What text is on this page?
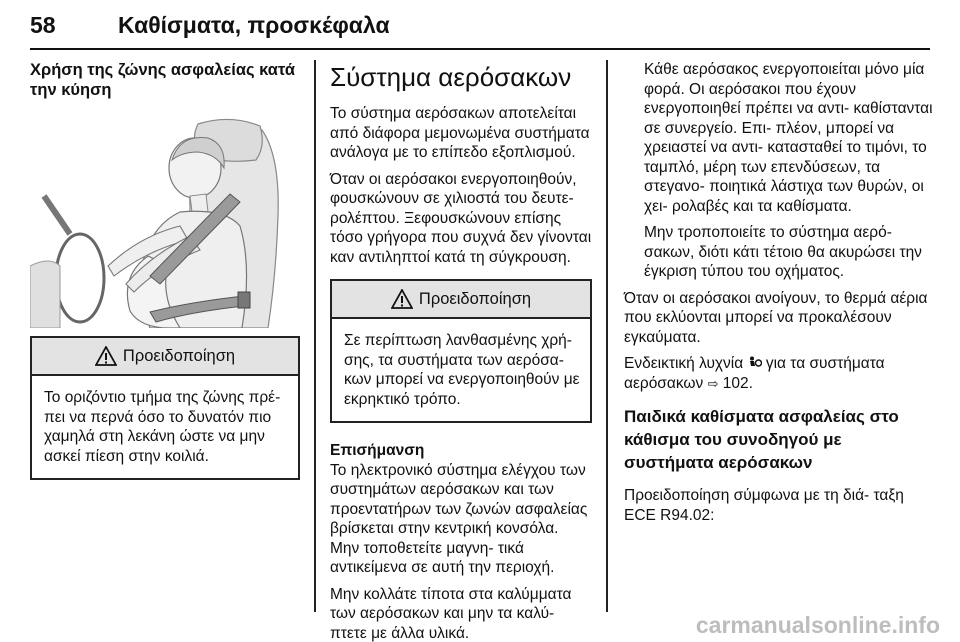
58	Καθίσματα, προσκέφαλα
Χρήση της ζώνης ασφαλείας κατά την κύηση
Προειδοποίηση
Το οριζόντιο τμήμα της ζώνης πρέ- πει να περνά όσο το δυνατόν πιο χαμηλά στη λεκάνη ώστε να μην ασκεί πίεση στην κοιλιά.
Σύστημα αερόσακων
Το σύστημα αερόσακων αποτελείται από διάφορα μεμονωμένα συστήματα ανάλογα με το επίπεδο εξοπλισμού.
Όταν οι αερόσακοι ενεργοποιηθούν, φουσκώνουν σε χιλιοστά του δευτε- ρολέπτου. Ξεφουσκώνουν επίσης τόσο γρήγορα που συχνά δεν γίνονται καν αντιληπτοί κατά τη σύγκρουση.
Προειδοποίηση
Σε περίπτωση λανθασμένης χρή- σης, τα συστήματα των αερόσα- κων μπορεί να ενεργοποιηθούν με εκρηκτικό τρόπο.
Επισήμανση
Το ηλεκτρονικό σύστημα ελέγχου των συστημάτων αερόσακων και των προεντατήρων των ζωνών ασφαλείας βρίσκεται στην κεντρική κονσόλα. Μην τοποθετείτε μαγνη- τικά αντικείμενα σε αυτή την περιοχή.
Μην κολλάτε τίποτα στα καλύμματα των αερόσακων και μην τα καλύ- πτετε με άλλα υλικά.
Κάθε αερόσακος ενεργοποιείται μόνο μία φορά. Οι αερόσακοι που έχουν ενεργοποιηθεί πρέπει να αντι- καθίστανται σε συνεργείο. Επι- πλέον, μπορεί να χρειαστεί να αντι- κατασταθεί το τιμόνι, το ταμπλό, μέρη των επενδύσεων, τα στεγανο- ποιητικά λάστιχα των θυρών, οι χει- ρολαβές και τα καθίσματα.
Μην τροποποιείτε το σύστημα αερό- σακων, διότι κάτι τέτοιο θα ακυρώσει την έγκριση τύπου του οχήματος.
Όταν οι αερόσακοι ανοίγουν, το θερμά αέρια που εκλύονται μπορεί να προκαλέσουν εγκαύματα.
Ενδεικτική λυχνία για τα συστήματα αερόσακων ⇨ 102.
Παιδικά καθίσματα ασφαλείας στο κάθισμα του συνοδηγού με συστήματα αερόσακων
Προειδοποίηση σύμφωνα με τη διά- ταξη ECE R94.02:
carmanualsonline.info
